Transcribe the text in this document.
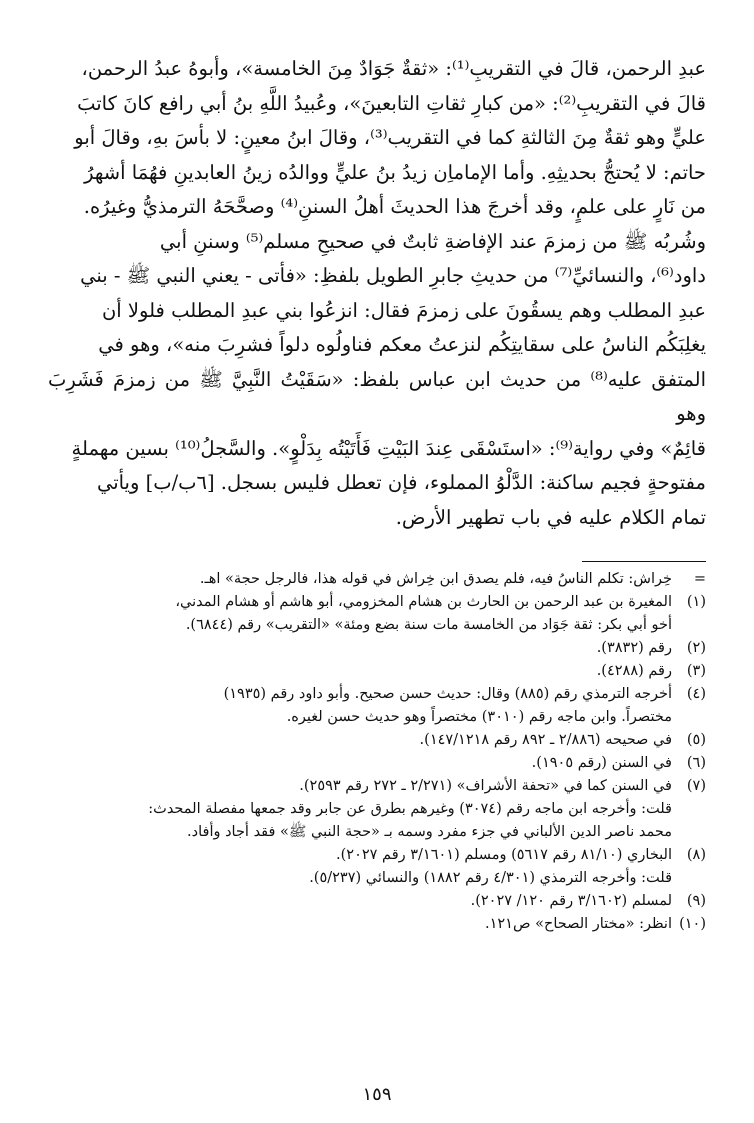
عبدِ الرحمن، قالَ في التقريبِ⁽¹⁾: «ثقةٌ جَوَادٌ مِنَ الخامسة»، وأبوهُ عبدُ الرحمن،

قالَ في التقريبِ⁽²⁾: «من كبارِ ثقاتِ التابعينَ»، وعُبيدُ اللَّهِ بنُ أبي رافع كانَ كاتبَ

عليٍّ وهو ثقةٌ مِنَ الثالثةِ كما في التقريب⁽³⁾، وقالَ ابنُ معينٍ: لا بأسَ بهِ، وقالَ أبو

حاتم: لا يُحتجُّ بحديثِهِ. وأما الإماماِن زيدُ بنُ عليٍّ ووالدُه زينُ العابدينِ فهُمَا أشهرُ

من نَارٍ على علمٍ، وقد أخرجَ هذا الحديثَ أهلُ السننِ⁽⁴⁾ وصحَّحَهُ الترمذيُّ وغيرُه.

وشُربُه ﷺ من زمزمَ عند الإفاضةِ ثابتٌ في صحيحِ مسلم⁽⁵⁾ وسننِ أبي

داود⁽⁶⁾، والنسائيِّ⁽⁷⁾ من حديثِ جابرِ الطويل بلفظِ: «فأتى - يعني النبي ﷺ - بني

عبدِ المطلب وهم يسقُونَ على زمزمَ فقال: انزعُوا بني عبدِ المطلب فلولا أن

يغلِبَكُم الناسُ على سقايتِكُم لنزعتُ معكم فناولُوه دلواً فشرِبَ منه»، وهو في

المتفق عليه⁽⁸⁾ من حديث ابن عباس بلفظ: «سَقَيْتُ النَّبِيَّ ﷺ من زمزمَ فَشَرِبَ وهو

قائِمٌ» وفي رواية⁽⁹⁾: «استَسْقَى عِندَ البَيْتِ فَأَتَيْتُه بِدَلْوٍ». والسَّجلُ⁽¹⁰⁾ بسين مهملةٍ

مفتوحةٍ فجيم ساكنة: الدَّلْوُ المملوء، فإن تعطل فليس بسجل. [٦ب/ب] ويأتي

تمام الكلام عليه في باب تطهير الأرض.

=
خِراش: تكلم الناسُ فيه، فلم يصدق ابن خِراش في قوله هذا، فالرجل حجة» اهـ.
(١)
المغيرة بن عبد الرحمن بن الحارث بن هشام المخزومي، أبو هاشم أو هشام المدني،
أخو أبي بكر: ثقة جَوَاد من الخامسة مات سنة بضع ومئة» «التقريب» رقم (٦٨٤٤).
(٢)
رقم (٣٨٣٢).
(٣)
رقم (٤٢٨٨).
(٤)
أخرجه الترمذي رقم (٨٨٥) وقال: حديث حسن صحيح. وأبو داود رقم (١٩٣٥)
مختصراً. وابن ماجه رقم (٣٠١٠) مختصراً وهو حديث حسن لغيره.
(٥)
في صحيحه (٢/٨٨٦ ـ ٨٩٢ رقم ١٤٧/١٢١٨).
(٦)
في السنن (رقم ١٩٠٥).
(٧)
في السنن كما في «تحفة الأشراف» (٢/٢٧١ ـ ٢٧٢ رقم ٢٥٩٣).
قلت: وأخرجه ابن ماجه رقم (٣٠٧٤) وغيرهم بطرق عن جابر وقد جمعها مفصلة المحدث:
محمد ناصر الدين الألباني في جزء مفرد وسمه بـ «حجة النبي ﷺ» فقد أجاد وأفاد.
(٨)
البخاري (٨١/١٠ رقم ٥٦١٧) ومسلم (٣/١٦٠١ رقم ٢٠٢٧).
قلت: وأخرجه الترمذي (٤/٣٠١ رقم ١٨٨٢) والنسائي (٥/٢٣٧).
(٩)
لمسلم (٣/١٦٠٢ رقم ١٢٠/ ٢٠٢٧).
(١٠)
انظر: «مختار الصحاح» ص١٢١.
١٥٩
